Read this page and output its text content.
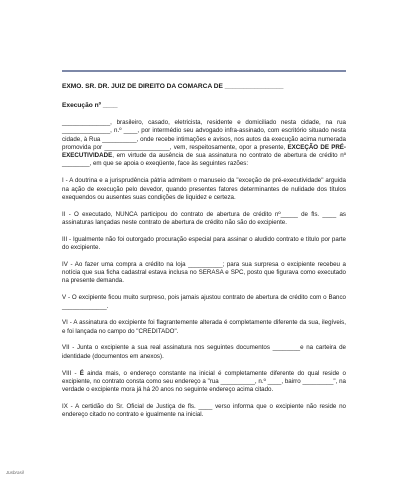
EXMO. SR. DR. JUIZ DE DIREITO DA COMARCA DE ________________
Execução nº ____

______________, brasileiro, casado, eletricista, residente e domiciliado nesta cidade, na rua ______________, n.º ____, por intermédio seu advogado infra-assinado, com escritório situado nesta cidade, à Rua __________, onde recebe intimações e avisos, nos autos da execução acima numerada promovida por ___________________, vem, respeitosamente, opor a presente, EXCEÇÃO DE PRÉ-EXECUTIVIDADE, em virtude da ausência de sua assinatura no contrato de abertura de crédito nº ________, em que se apoia o exeqüente, face às seguintes razões:

I - A doutrina e a jurisprudência pátria admitem o manuseio da "exceção de pré-executividade" arguida na ação de execução pelo devedor, quando presentes fatores determinantes de nulidade dos títulos exequendos ou ausentes suas condições de liquidez e certeza.

II - O executado, NUNCA participou do contrato de abertura de crédito nº_____ de fls. ____ as assinaturas lançadas neste contrato de abertura de crédito não são do excipiente.

III - Igualmente não foi outorgado procuração especial para assinar o aludido contrato e título por parte do excipiente.

IV - Ao fazer uma compra a crédito na loja __________; para sua surpresa o excipiente recebeu a notícia que sua ficha cadastral estava inclusa no SERASA e SPC, posto que figurava como executado na presente demanda.

V - O excipiente ficou muito surpreso, pois jamais ajustou contrato de abertura de crédito com o Banco _____________.

VI - A assinatura do excipiente foi flagrantemente alterada é completamente diferente da sua, ilegíveis, e foi lançada no campo do "CREDITADO".

VII - Junta o excipiente a sua real assinatura nos seguintes documentos ________e na carteira de identidade (documentos em anexos).

VIII - É ainda mais, o endereço constante na inicial é completamente diferente do qual reside o excipiente, no contrato consta como seu endereço a "rua __________, n.º ____, bairro _________", na verdade o excipiente mora já há 20 anos no seguinte endereço acima citado.

IX - A certidão do Sr. Oficial de Justiça de fls. ____ verso informa que o excipiente não reside no endereço citado no contrato e igualmente na inicial.

Jusbrasil
